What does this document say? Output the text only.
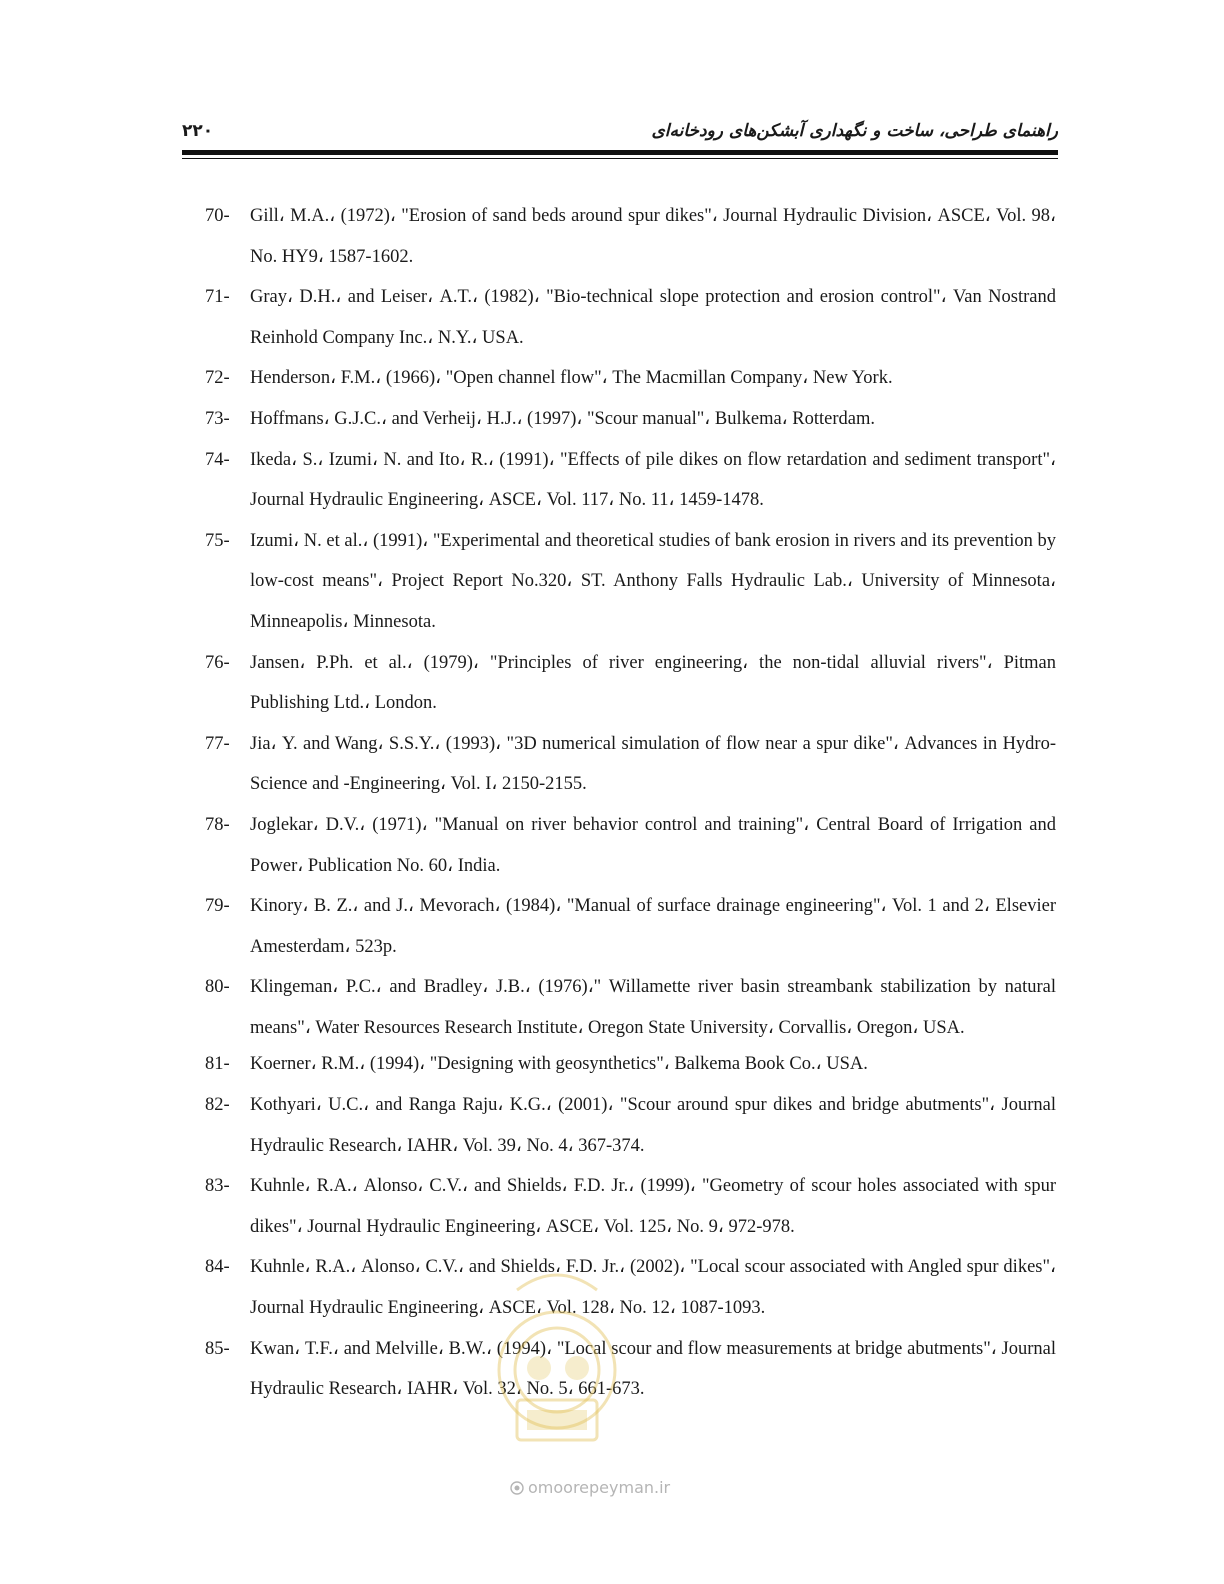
راهنمای طراحی، ساخت و نگهداری آبشکن‌های رودخانه‌ای
۲۲۰
70- Gill، M.A.، (1972)، "Erosion of sand beds around spur dikes"، Journal Hydraulic Division، ASCE، Vol. 98، No. HY9، 1587-1602.
71- Gray، D.H.، and Leiser، A.T.، (1982)، "Bio-technical slope protection and erosion control"، Van Nostrand Reinhold Company Inc.، N.Y.، USA.
72- Henderson، F.M.، (1966)، "Open channel flow"، The Macmillan Company، New York.
73- Hoffmans، G.J.C.، and Verheij، H.J.، (1997)، "Scour manual"، Bulkema، Rotterdam.
74- Ikeda، S.، Izumi، N. and Ito، R.، (1991)، "Effects of pile dikes on flow retardation and sediment transport"، Journal Hydraulic Engineering، ASCE، Vol. 117، No. 11، 1459-1478.
75- Izumi، N. et al.، (1991)، "Experimental and theoretical studies of bank erosion in rivers and its prevention by low-cost means"، Project Report No.320، ST. Anthony Falls Hydraulic Lab.، University of Minnesota، Minneapolis، Minnesota.
76- Jansen، P.Ph. et al.، (1979)، "Principles of river engineering، the non-tidal alluvial rivers"، Pitman Publishing Ltd.، London.
77- Jia، Y. and Wang، S.S.Y.، (1993)، "3D numerical simulation of flow near a spur dike"، Advances in Hydro-Science and -Engineering، Vol. I، 2150-2155.
78- Joglekar، D.V.، (1971)، "Manual on river behavior control and training"، Central Board of Irrigation and Power، Publication No. 60، India.
79- Kinory، B. Z.، and J.، Mevorach، (1984)، "Manual of surface drainage engineering"، Vol. 1 and 2، Elsevier Amesterdam، 523p.
80- Klingeman، P.C.، and Bradley، J.B.، (1976)،" Willamette river basin streambank stabilization by natural means"، Water Resources Research Institute، Oregon State University، Corvallis، Oregon، USA.
81- Koerner، R.M.، (1994)، "Designing with geosynthetics"، Balkema Book Co.، USA.
82- Kothyari، U.C.، and Ranga Raju، K.G.، (2001)، "Scour around spur dikes and bridge abutments"، Journal Hydraulic Research، IAHR، Vol. 39، No. 4، 367-374.
83- Kuhnle، R.A.، Alonso، C.V.، and Shields، F.D. Jr.، (1999)، "Geometry of scour holes associated with spur dikes"، Journal Hydraulic Engineering، ASCE، Vol. 125، No. 9، 972-978.
84- Kuhnle، R.A.، Alonso، C.V.، and Shields، F.D. Jr.، (2002)، "Local scour associated with Angled spur dikes"، Journal Hydraulic Engineering، ASCE، Vol. 128، No. 12، 1087-1093.
85- Kwan، T.F.، and Melville، B.W.، (1994)، "Local scour and flow measurements at bridge abutments"، Journal Hydraulic Research، IAHR، Vol. 32، No. 5، 661-673.
omoorepeyman.ir
